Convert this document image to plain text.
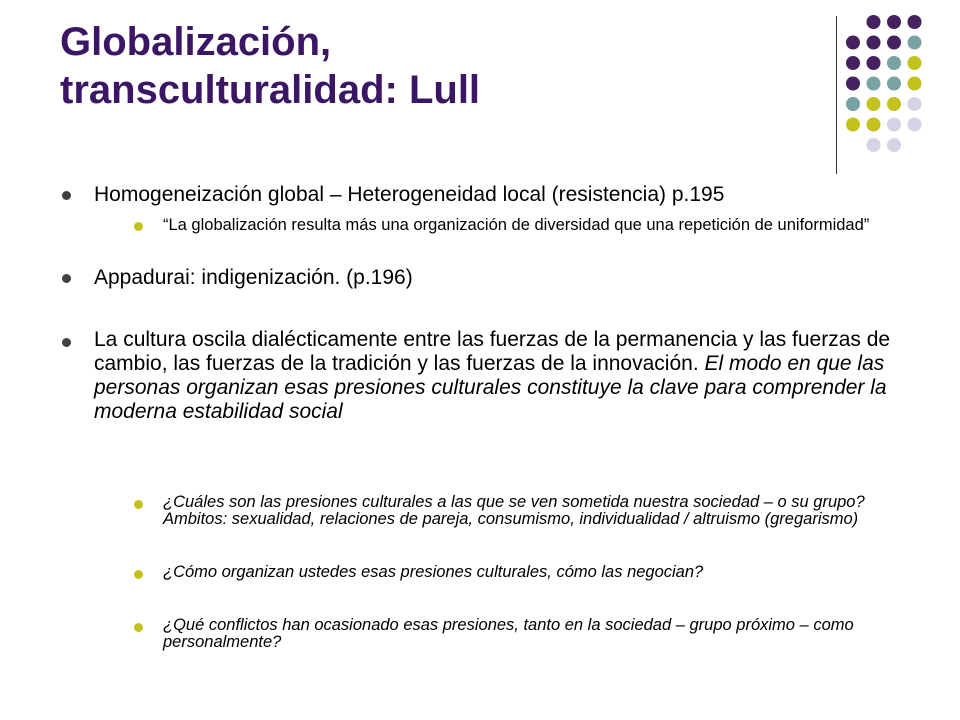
Globalización,
transculturalidad: Lull
Homogeneización global – Heterogeneidad local (resistencia) p.195
“La globalización resulta más una organización de diversidad que una repetición de uniformidad”
Appadurai: indigenización. (p.196)
La cultura oscila dialécticamente entre las fuerzas de la permanencia y las fuerzas de cambio, las fuerzas de la tradición y las fuerzas de la innovación. El modo en que las personas organizan esas presiones culturales constituye la clave para comprender la moderna estabilidad social
¿Cuáles son las presiones culturales a las que se ven sometida nuestra sociedad – o su grupo? Ambitos: sexualidad, relaciones de pareja, consumismo, individualidad / altruismo (gregarismo)
¿Cómo organizan ustedes esas presiones culturales, cómo las negocian?
¿Qué conflictos han ocasionado esas presiones, tanto en la sociedad – grupo próximo – como personalmente?
